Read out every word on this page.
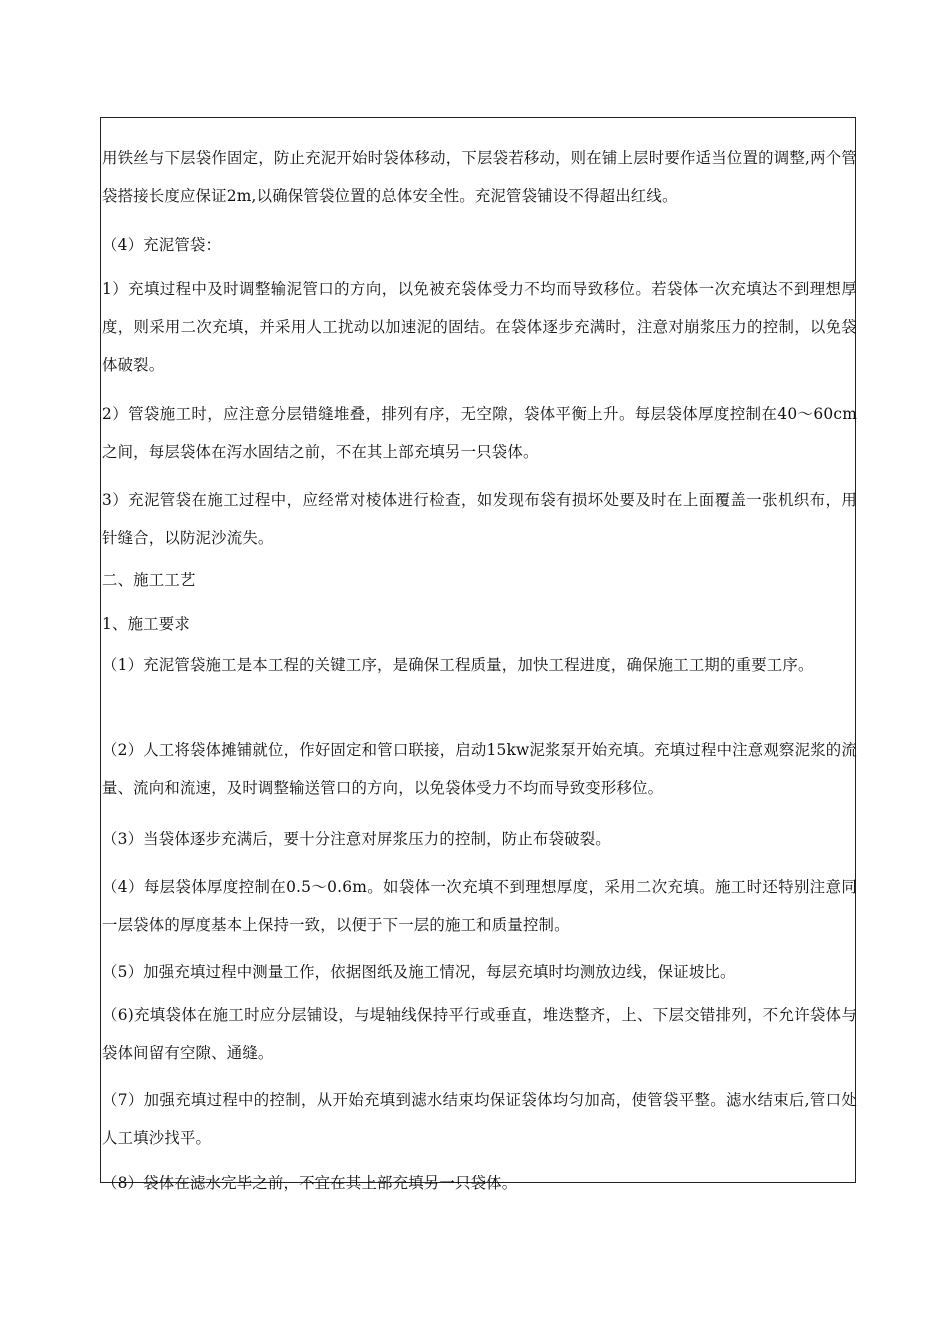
用铁丝与下层袋作固定，防止充泥开始时袋体移动，下层袋若移动，则在铺上层时要作适当位置的调整,两个管袋搭接长度应保证2m,以确保管袋位置的总体安全性。充泥管袋铺设不得超出红线。

（4）充泥管袋：

1）充填过程中及时调整输泥管口的方向，以免被充袋体受力不均而导致移位。若袋体一次充填达不到理想厚度，则采用二次充填，并采用人工扰动以加速泥的固结。在袋体逐步充满时，注意对崩浆压力的控制，以免袋体破裂。

2）管袋施工时，应注意分层错缝堆叠，排列有序，无空隙，袋体平衡上升。每层袋体厚度控制在40～60cm之间，每层袋体在泻水固结之前，不在其上部充填另一只袋体。

3）充泥管袋在施工过程中，应经常对棱体进行检查，如发现布袋有损坏处要及时在上面覆盖一张机织布，用针缝合，以防泥沙流失。

二、施工工艺

1、施工要求

（1）充泥管袋施工是本工程的关键工序，是确保工程质量，加快工程进度，确保施工工期的重要工序。

（2）人工将袋体摊铺就位，作好固定和管口联接，启动15kw泥浆泵开始充填。充填过程中注意观察泥浆的流量、流向和流速，及时调整输送管口的方向，以免袋体受力不均而导致变形移位。

（3）当袋体逐步充满后，要十分注意对屏浆压力的控制，防止布袋破裂。

（4）每层袋体厚度控制在0.5～0.6m。如袋体一次充填不到理想厚度，采用二次充填。施工时还特别注意同一层袋体的厚度基本上保持一致，以便于下一层的施工和质量控制。

（5）加强充填过程中测量工作，依据图纸及施工情况，每层充填时均测放边线，保证坡比。

（6)充填袋体在施工时应分层铺设，与堤轴线保持平行或垂直，堆迭整齐，上、下层交错排列，不允许袋体与袋体间留有空隙、通缝。

（7）加强充填过程中的控制，从开始充填到滤水结束均保证袋体均匀加高，使管袋平整。滤水结束后,管口处人工填沙找平。

（8）袋体在滤水完毕之前，不宜在其上部充填另一只袋体。
